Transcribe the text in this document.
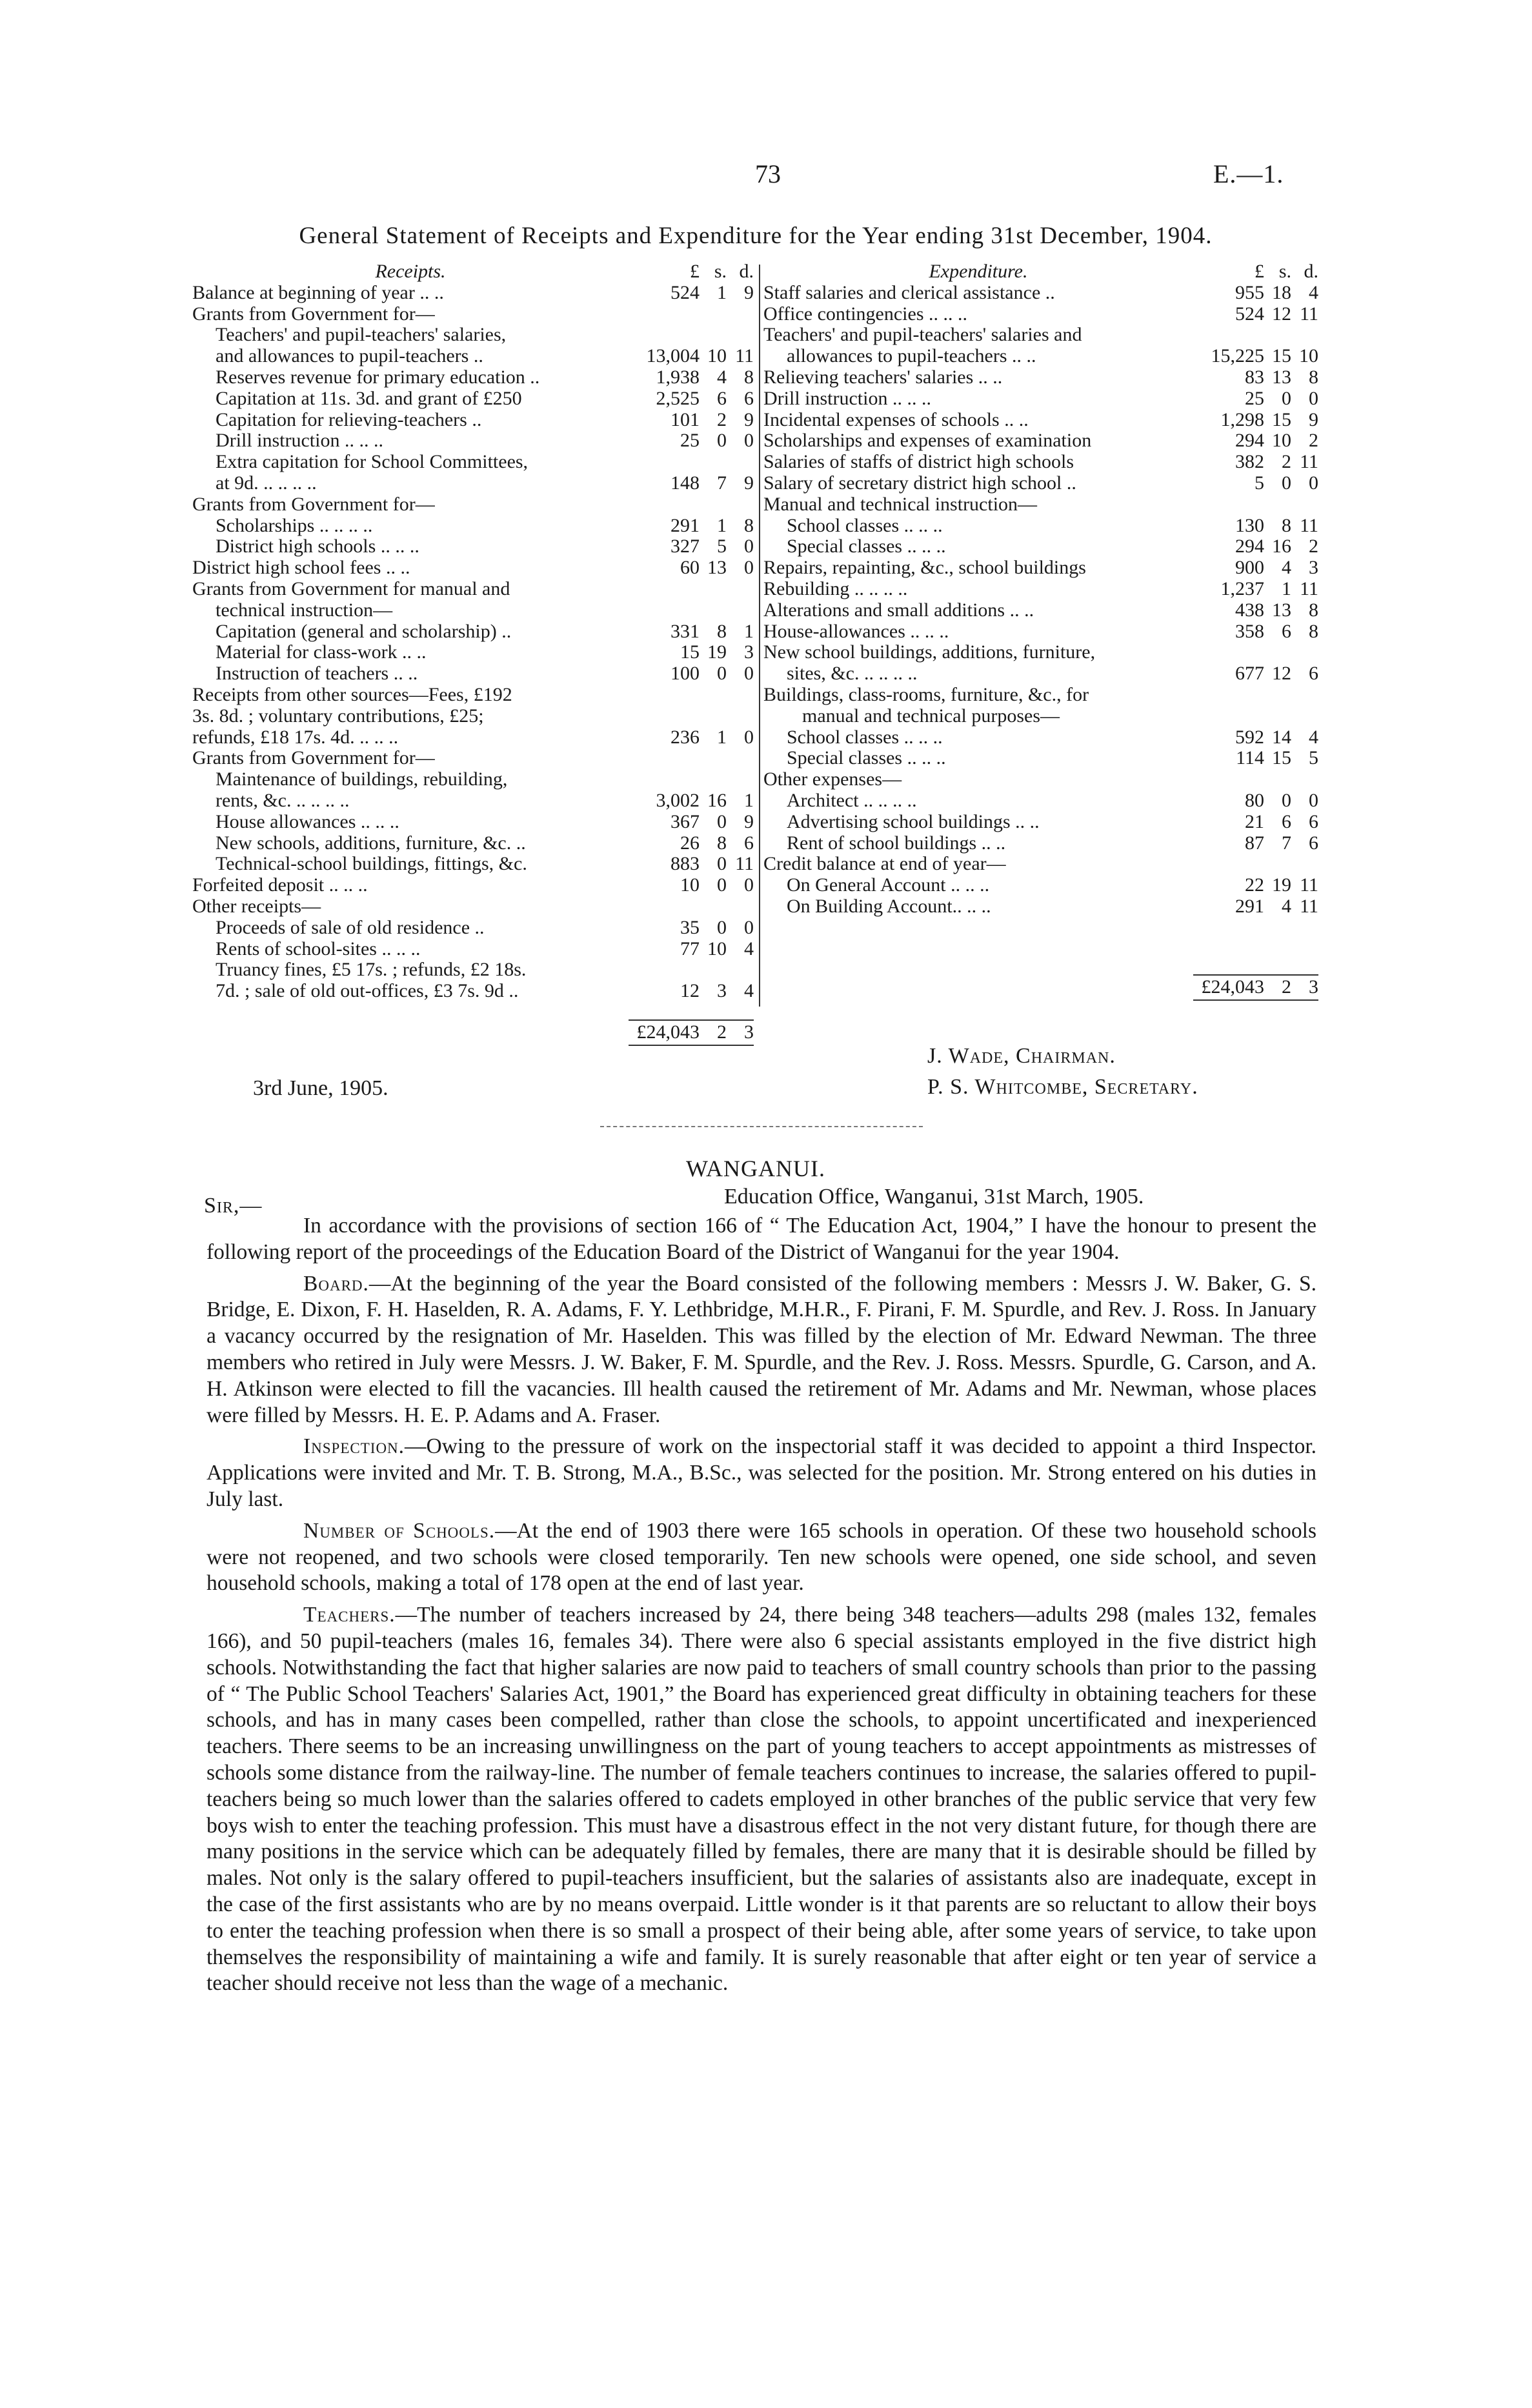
73	E.—1.
General Statement of Receipts and Expenditure for the Year ending 31st December, 1904.
Receipts.	£ s. d.
Balance at beginning of year .. ..	524 1 9
Grants from Government for—
Teachers' and pupil-teachers' salaries,
and allowances to pupil-teachers ..	13,004 10 11
Reserves revenue for primary education ..	1,938 4 8
Capitation at 11s. 3d. and grant of £250	2,525 6 6
Capitation for relieving-teachers ..	101 2 9
Drill instruction .. .. ..	25 0 0
Extra capitation for School Committees,
at 9d. .. .. .. ..	148 7 9
Grants from Government for—
Scholarships .. .. .. ..	291 1 8
District high schools .. .. ..	327 5 0
District high school fees .. ..	60 13 0
Grants from Government for manual and
technical instruction—
Capitation (general and scholarship) ..	331 8 1
Material for class-work .. ..	15 19 3
Instruction of teachers .. ..	100 0 0
Receipts from other sources—Fees, £192
3s. 8d. ; voluntary contributions, £25;
refunds, £18 17s. 4d. .. .. ..	236 1 0
Grants from Government for—
Maintenance of buildings, rebuilding,
rents, &c. .. .. .. ..	3,002 16 1
House allowances .. .. ..	367 0 9
New schools, additions, furniture, &c. ..	26 8 6
Technical-school buildings, fittings, &c.	883 0 11
Forfeited deposit .. .. ..	10 0 0
Other receipts—
Proceeds of sale of old residence ..	35 0 0
Rents of school-sites .. .. ..	77 10 4
Truancy fines, £5 17s. ; refunds, £2 18s.
7d. ; sale of old out-offices, £3 7s. 9d ..	12 3 4
£24,043 2 3
Expenditure.	£ s. d.
Staff salaries and clerical assistance ..	955 18 4
Office contingencies .. .. ..	524 12 11
Teachers' and pupil-teachers' salaries and
allowances to pupil-teachers .. ..	15,225 15 10
Relieving teachers' salaries .. ..	83 13 8
Drill instruction .. .. ..	25 0 0
Incidental expenses of schools .. ..	1,298 15 9
Scholarships and expenses of examination	294 10 2
Salaries of staffs of district high schools	382 2 11
Salary of secretary district high school ..	5 0 0
Manual and technical instruction—
School classes .. .. ..	130 8 11
Special classes .. .. ..	294 16 2
Repairs, repainting, &c., school buildings	900 4 3
Rebuilding .. .. .. ..	1,237 1 11
Alterations and small additions .. ..	438 13 8
House-allowances .. .. ..	358 6 8
New school buildings, additions, furniture,
sites, &c. .. .. .. ..	677 12 6
Buildings, class-rooms, furniture, &c., for
manual and technical purposes—
School classes .. .. ..	592 14 4
Special classes .. .. ..	114 15 5
Other expenses—
Architect .. .. .. ..	80 0 0
Advertising school buildings .. ..	21 6 6
Rent of school buildings .. ..	87 7 6
Credit balance at end of year—
On General Account .. .. ..	22 19 11
On Building Account.. .. ..	291 4 11
£24,043 2 3
J. Wade, Chairman.
P. S. Whitcombe, Secretary.
3rd June, 1905.
WANGANUI.
Sir,—	Education Office, Wanganui, 31st March, 1905.

In accordance with the provisions of section 166 of “ The Education Act, 1904,” I have the honour to present the following report of the proceedings of the Education Board of the District of Wanganui for the year 1904.

Board.—At the beginning of the year the Board consisted of the following members : Messrs J. W. Baker, G. S. Bridge, E. Dixon, F. H. Haselden, R. A. Adams, F. Y. Lethbridge, M.H.R., F. Pirani, F. M. Spurdle, and Rev. J. Ross. In January a vacancy occurred by the resignation of Mr. Haselden. This was filled by the election of Mr. Edward Newman. The three members who retired in July were Messrs. J. W. Baker, F. M. Spurdle, and the Rev. J. Ross. Messrs. Spurdle, G. Carson, and A. H. Atkinson were elected to fill the vacancies. Ill health caused the retirement of Mr. Adams and Mr. Newman, whose places were filled by Messrs. H. E. P. Adams and A. Fraser.

Inspection.—Owing to the pressure of work on the inspectorial staff it was decided to appoint a third Inspector. Applications were invited and Mr. T. B. Strong, M.A., B.Sc., was selected for the position. Mr. Strong entered on his duties in July last.

Number of Schools.—At the end of 1903 there were 165 schools in operation. Of these two household schools were not reopened, and two schools were closed temporarily. Ten new schools were opened, one side school, and seven household schools, making a total of 178 open at the end of last year.

Teachers.—The number of teachers increased by 24, there being 348 teachers—adults 298 (males 132, females 166), and 50 pupil-teachers (males 16, females 34). There were also 6 special assistants employed in the five district high schools. Notwithstanding the fact that higher salaries are now paid to teachers of small country schools than prior to the passing of “ The Public School Teachers' Salaries Act, 1901,” the Board has experienced great difficulty in obtaining teachers for these schools, and has in many cases been compelled, rather than close the schools, to appoint uncertificated and inexperienced teachers. There seems to be an increasing unwillingness on the part of young teachers to accept appointments as mistresses of schools some distance from the railway-line. The number of female teachers continues to increase, the salaries offered to pupil-teachers being so much lower than the salaries offered to cadets employed in other branches of the public service that very few boys wish to enter the teaching profession. This must have a disastrous effect in the not very distant future, for though there are many positions in the service which can be adequately filled by females, there are many that it is desirable should be filled by males. Not only is the salary offered to pupil-teachers insufficient, but the salaries of assistants also are inadequate, except in the case of the first assistants who are by no means overpaid. Little wonder is it that parents are so reluctant to allow their boys to enter the teaching profession when there is so small a prospect of their being able, after some years of service, to take upon themselves the responsibility of maintaining a wife and family. It is surely reasonable that after eight or ten year of service a teacher should receive not less than the wage of a mechanic.
